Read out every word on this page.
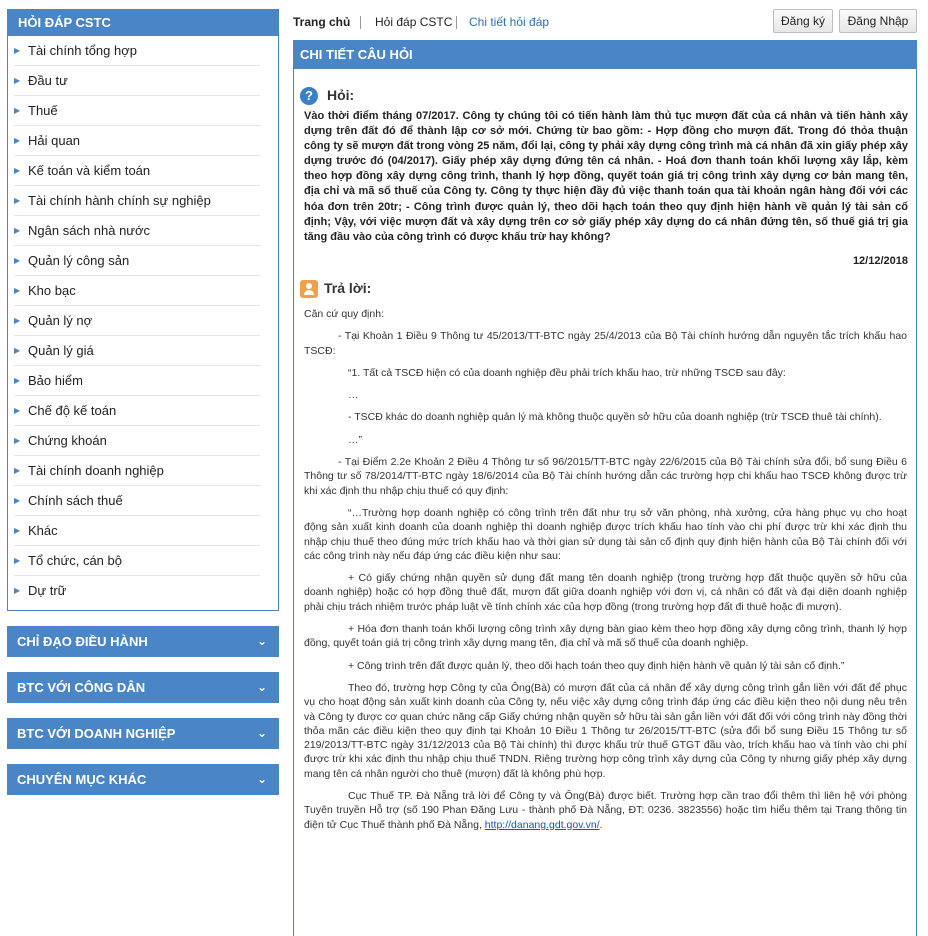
HỎI ĐÁP CSTC
▶ Tài chính tổng hợp
▶ Đầu tư
▶ Thuế
▶ Hải quan
▶ Kế toán và kiểm toán
▶ Tài chính hành chính sự nghiệp
▶ Ngân sách nhà nước
▶ Quản lý công sản
▶ Kho bạc
▶ Quản lý nợ
▶ Quản lý giá
▶ Bảo hiểm
▶ Chế độ kế toán
▶ Chứng khoán
▶ Tài chính doanh nghiệp
▶ Chính sách thuế
▶ Khác
▶ Tổ chức, cán bộ
▶ Dự trữ
CHỈ ĐẠO ĐIỀU HÀNH	⌄
BTC VỚI CÔNG DÂN	⌄
BTC VỚI DOANH NGHIỆP	⌄
CHUYÊN MỤC KHÁC	⌄
Trang chủ Hỏi đáp CSTC Chi tiết hỏi đáp	Đăng ký	Đăng Nhập
CHI TIẾT CÂU HỎI
? Hỏi:
Vào thời điểm tháng 07/2017. Công ty chúng tôi có tiến hành làm thủ tục mượn đất của cá nhân và tiến hành xây dựng trên đất đó để thành lập cơ sở mới. Chứng từ bao gồm: - Hợp đồng cho mượn đất. Trong đó thỏa thuận công ty sẽ mượn đất trong vòng 25 năm, đổi lại, công ty phải xây dựng công trình mà cá nhân đã xin giấy phép xây dựng trước đó (04/2017). Giấy phép xây dựng đứng tên cá nhân. - Hoá đơn thanh toán khối lượng xây lắp, kèm theo hợp đồng xây dựng công trình, thanh lý hợp đồng, quyết toán giá trị công trình xây dựng cơ bản mang tên, địa chỉ và mã số thuế của Công ty. Công ty thực hiện đầy đủ việc thanh toán qua tài khoản ngân hàng đối với các hóa đơn trên 20tr; - Công trình được quản lý, theo dõi hạch toán theo quy định hiện hành về quản lý tài sản cố định; Vậy, với việc mượn đất và xây dựng trên cơ sở giấy phép xây dựng do cá nhân đứng tên, số thuế giá trị gia tăng đầu vào của công trình có được khấu trừ hay không?
12/12/2018
Trả lời:

Căn cứ quy định:

- Tại Khoản 1 Điều 9 Thông tư 45/2013/TT-BTC ngày 25/4/2013 của Bộ Tài chính hướng dẫn nguyên tắc trích khấu hao TSCĐ:

“1. Tất cả TSCĐ hiện có của doanh nghiệp đều phải trích khấu hao, trừ những TSCĐ sau đây:

…

- TSCĐ khác do doanh nghiệp quản lý mà không thuộc quyền sở hữu của doanh nghiệp (trừ TSCĐ thuê tài chính).

…”

- Tại Điểm 2.2e Khoản 2 Điều 4 Thông tư số 96/2015/TT-BTC ngày 22/6/2015 của Bộ Tài chính sửa đổi, bổ sung Điều 6 Thông tư số 78/2014/TT-BTC ngày 18/6/2014 của Bộ Tài chính hướng dẫn các trường hợp chi khấu hao TSCĐ không được trừ khi xác định thu nhập chịu thuế có quy định:

“…Trường hợp doanh nghiệp có công trình trên đất như trụ sở văn phòng, nhà xưởng, cửa hàng phục vụ cho hoạt động sản xuất kinh doanh của doanh nghiệp thì doanh nghiệp được trích khấu hao tính vào chi phí được trừ khi xác định thu nhập chịu thuế theo đúng mức trích khấu hao và thời gian sử dụng tài sản cố định quy định hiện hành của Bộ Tài chính đối với các công trình này nếu đáp ứng các điều kiện như sau:

+ Có giấy chứng nhận quyền sử dụng đất mang tên doanh nghiệp (trong trường hợp đất thuộc quyền sở hữu của doanh nghiệp) hoặc có hợp đồng thuê đất, mượn đất giữa doanh nghiệp với đơn vị, cá nhân có đất và đại diện doanh nghiệp phải chịu trách nhiệm trước pháp luật về tính chính xác của hợp đồng (trong trường hợp đất đi thuê hoặc đi mượn).

+ Hóa đơn thanh toán khối lượng công trình xây dựng bàn giao kèm theo hợp đồng xây dựng công trình, thanh lý hợp đồng, quyết toán giá trị công trình xây dựng mang tên, địa chỉ và mã số thuế của doanh nghiệp.

+ Công trình trên đất được quản lý, theo dõi hạch toán theo quy định hiện hành về quản lý tài sản cố định.”

Theo đó, trường hợp Công ty của Ông(Bà) có mượn đất của cá nhân để xây dựng công trình gắn liền với đất để phục vụ cho hoạt động sản xuất kinh doanh của Công ty, nếu việc xây dựng công trình đáp ứng các điều kiện theo nội dung nêu trên và Công ty được cơ quan chức năng cấp Giấy chứng nhận quyền sở hữu tài sản gắn liền với đất đối với công trình này đồng thời thỏa mãn các điều kiện theo quy định tại Khoản 10 Điều 1 Thông tư 26/2015/TT-BTC (sửa đổi bổ sung Điều 15 Thông tư số 219/2013/TT-BTC ngày 31/12/2013 của Bộ Tài chính) thì được khấu trừ thuế GTGT đầu vào, trích khấu hao và tính vào chi phí được trừ khi xác định thu nhập chịu thuế TNDN. Riêng trường hợp công trình xây dựng của Công ty nhưng giấy phép xây dựng mang tên cá nhân người cho thuê (mượn) đất là không phù hợp.

Cục Thuế TP. Đà Nẵng trả lời để Công ty và Ông(Bà) được biết. Trường hợp cần trao đổi thêm thì liên hệ với phòng Tuyên truyền Hỗ trợ (số 190 Phan Đăng Lưu - thành phố Đà Nẵng, ĐT: 0236. 3823556) hoặc tìm hiểu thêm tại Trang thông tin điện tử Cục Thuế thành phố Đà Nẵng, http://danang.gdt.gov.vn/.
